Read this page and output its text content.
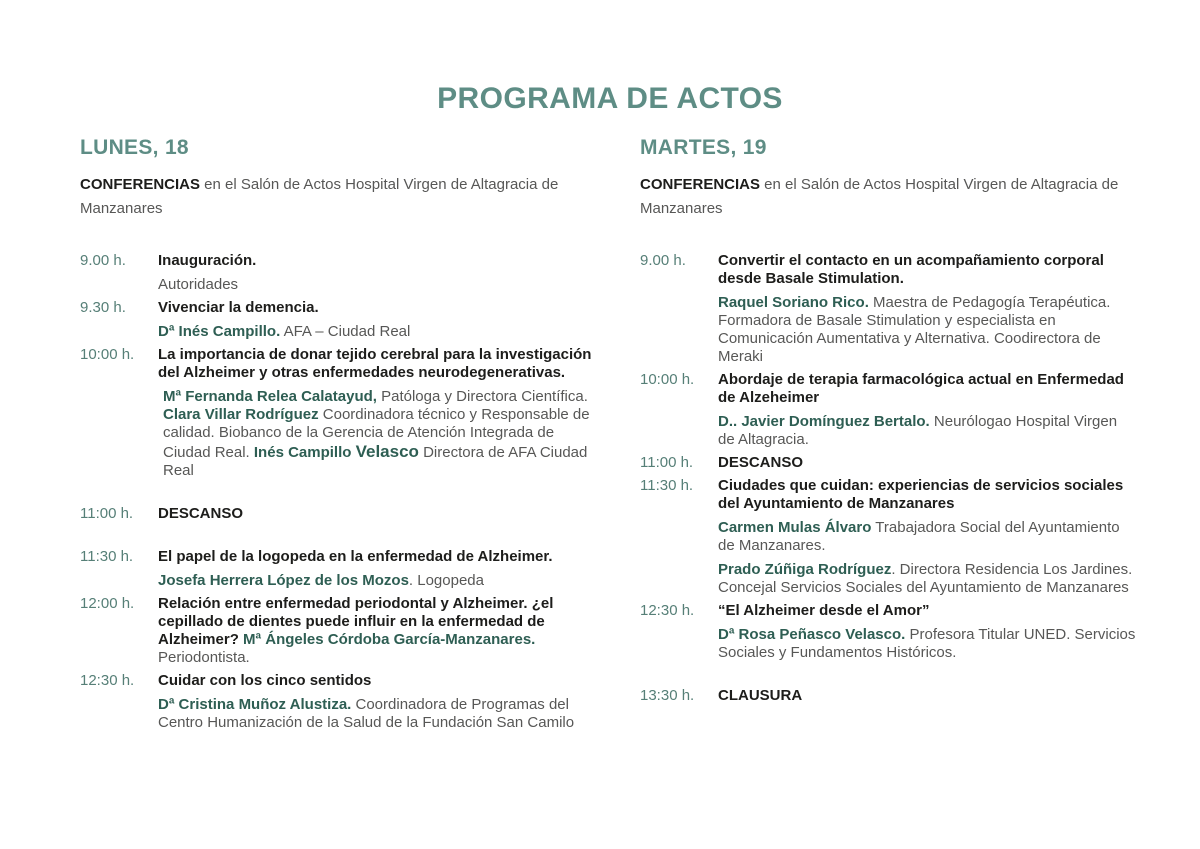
PROGRAMA DE ACTOS
LUNES, 18

CONFERENCIAS en el Salón de Actos Hospital Virgen de Altagracia de Manzanares

9.00 h.	Inauguración.

Autoridades

9.30 h.	Vivenciar la demencia.

Dª Inés Campillo. AFA – Ciudad Real

10:00 h.	La importancia de donar tejido cerebral para la investigación del Alzheimer y otras enfermedades neurodegenerativas.

Mª Fernanda Relea Calatayud, Patóloga y Directora Científica. Clara Villar Rodríguez Coordinadora técnico y Responsable de calidad. Biobanco de la Gerencia de Atención Integrada de Ciudad Real. Inés Campillo Velasco Directora de AFA Ciudad Real

11:00 h.	DESCANSO

11:30 h.	El papel de la logopeda en la enfermedad de Alzheimer.

Josefa Herrera López de los Mozos. Logopeda

12:00 h.	Relación entre enfermedad periodontal y Alzheimer. ¿el cepillado de dientes puede influir en la enfermedad de Alzheimer? Mª Ángeles Córdoba García-Manzanares. Periodontista.

12:30 h.	Cuidar con los cinco sentidos

Dª Cristina Muñoz Alustiza. Coordinadora de Programas del Centro Humanización de la Salud de la Fundación San Camilo

MARTES, 19

CONFERENCIAS en el Salón de Actos Hospital Virgen de Altagracia de Manzanares

9.00 h.	Convertir el contacto en un acompañamiento corporal desde Basale Stimulation.

Raquel Soriano Rico. Maestra de Pedagogía Terapéutica. Formadora de Basale Stimulation y especialista en Comunicación Aumentativa y Alternativa. Coodirectora de Meraki

10:00 h.	Abordaje de terapia farmacológica actual en Enfermedad de Alzeheimer

D.. Javier Domínguez Bertalo. Neurólogao Hospital Virgen de Altagracia.

11:00 h.	DESCANSO

11:30 h.	Ciudades que cuidan: experiencias de servicios sociales del Ayuntamiento de Manzanares

Carmen Mulas Álvaro Trabajadora Social del Ayuntamiento de Manzanares.

Prado Zúñiga Rodríguez. Directora Residencia Los Jardines. Concejal Servicios Sociales del Ayuntamiento de Manzanares

12:30 h.	“El Alzheimer desde el Amor”

Dª Rosa Peñasco Velasco. Profesora Titular UNED. Servicios Sociales y Fundamentos Históricos.

13:30 h.	CLAUSURA
